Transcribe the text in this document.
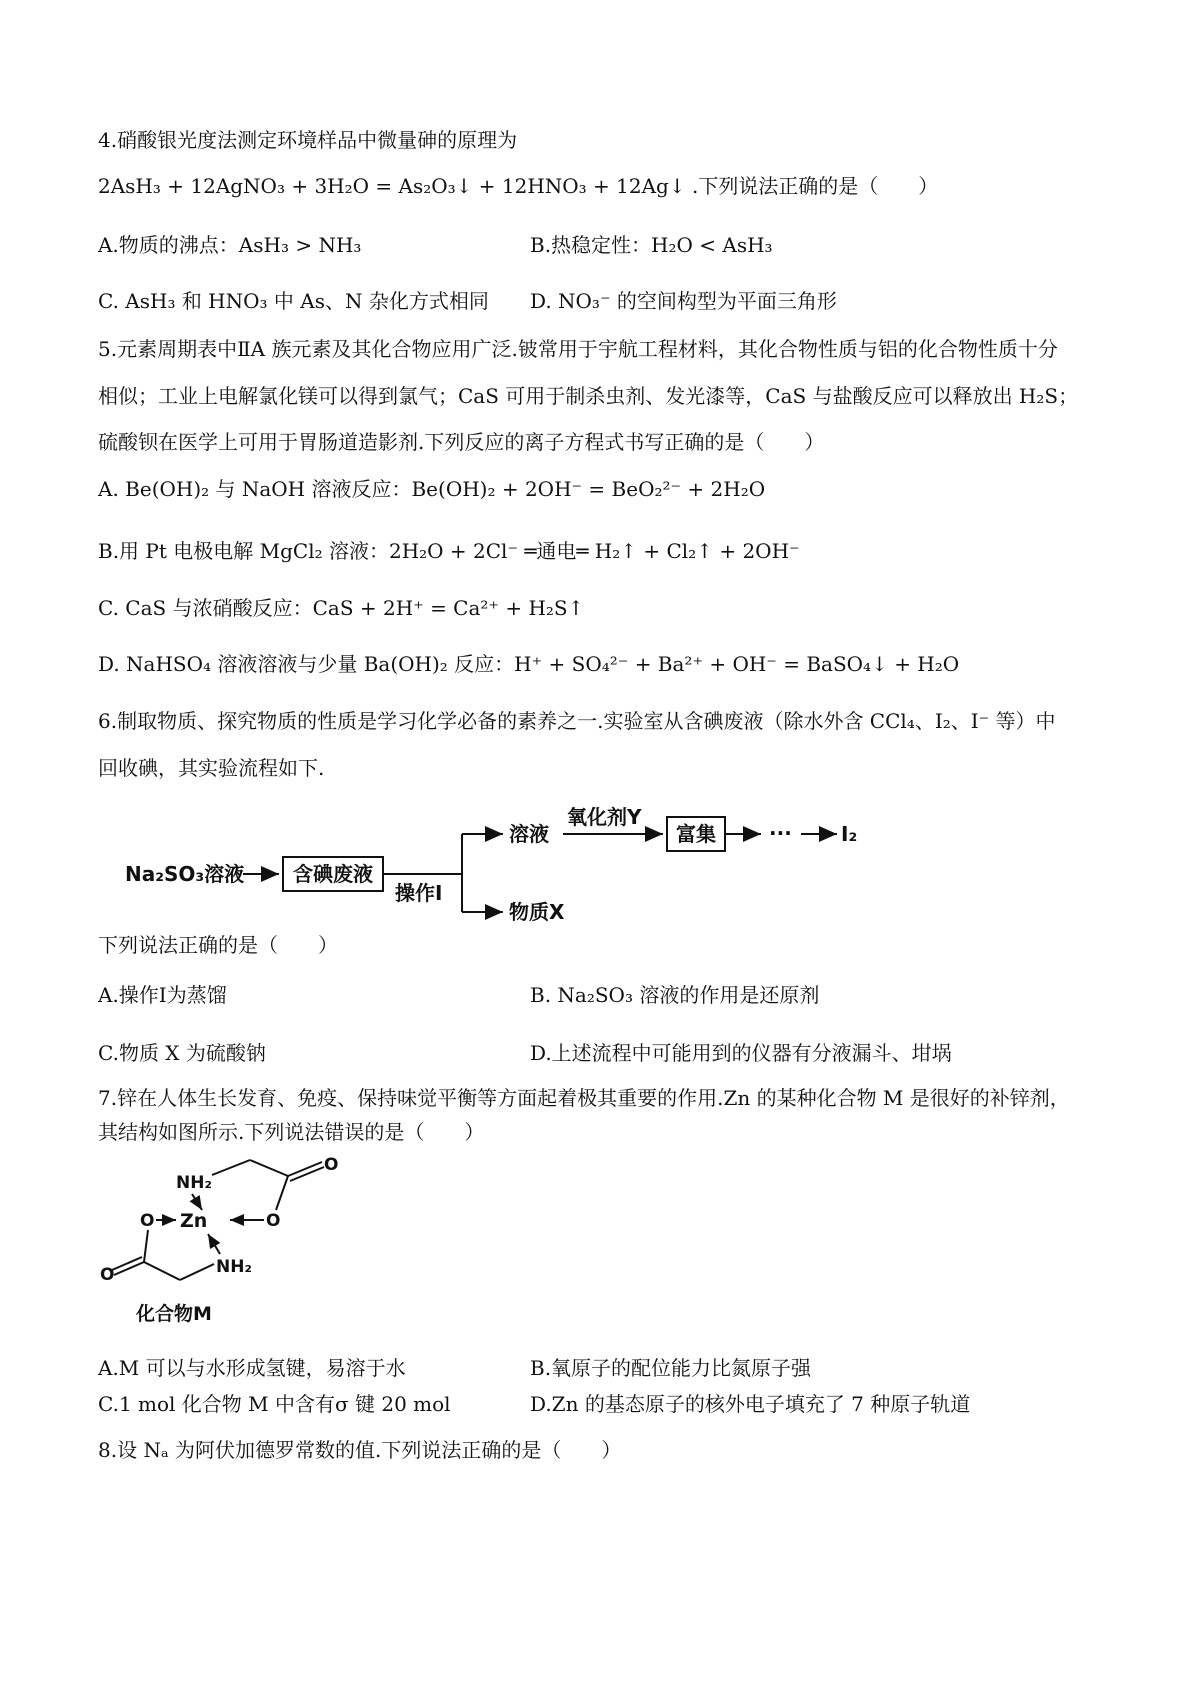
4.硝酸银光度法测定环境样品中微量砷的原理为
2AsH₃ + 12AgNO₃ + 3H₂O = As₂O₃↓ + 12HNO₃ + 12Ag↓ .下列说法正确的是（　　）
A.物质的沸点：AsH₃ > NH₃	B.热稳定性：H₂O < AsH₃
C. AsH₃ 和 HNO₃ 中 As、N 杂化方式相同 D. NO₃⁻ 的空间构型为平面三角形
5.元素周期表中ⅡA 族元素及其化合物应用广泛.铍常用于宇航工程材料，其化合物性质与铝的化合物性质十分
相似；工业上电解氯化镁可以得到氯气；CaS 可用于制杀虫剂、发光漆等，CaS 与盐酸反应可以释放出 H₂S；
硫酸钡在医学上可用于胃肠道造影剂.下列反应的离子方程式书写正确的是（　　）
A. Be(OH)₂ 与 NaOH 溶液反应：Be(OH)₂ + 2OH⁻ = BeO₂²⁻ + 2H₂O
B.用 Pt 电极电解 MgCl₂ 溶液：2H₂O + 2Cl⁻ ═通电═ H₂↑ + Cl₂↑ + 2OH⁻
C. CaS 与浓硝酸反应：CaS + 2H⁺ = Ca²⁺ + H₂S↑
D. NaHSO₄ 溶液溶液与少量 Ba(OH)₂ 反应：H⁺ + SO₄²⁻ + Ba²⁺ + OH⁻ = BaSO₄↓ + H₂O
6.制取物质、探究物质的性质是学习化学必备的素养之一.实验室从含碘废液（除水外含 CCl₄、I₂、I⁻ 等）中
回收碘，其实验流程如下.
Na₂SO₃溶液 含碘废液
操作Ⅰ
溶液
氧化剂Y
富集	··· I₂
物质X
下列说法正确的是（　　）
A.操作Ⅰ为蒸馏	B. Na₂SO₃ 溶液的作用是还原剂
C.物质 X 为硫酸钠	D.上述流程中可能用到的仪器有分液漏斗、坩埚
7.锌在人体生长发育、免疫、保持味觉平衡等方面起着极其重要的作用.Zn 的某种化合物 M 是很好的补锌剂，
其结构如图所示.下列说法错误的是（　　）
NH₂
O
O
O Zn
NH₂
O
化合物M
A.M 可以与水形成氢键，易溶于水	B.氧原子的配位能力比氮原子强
C.1 mol 化合物 M 中含有σ 键 20 mol	D.Zn 的基态原子的核外电子填充了 7 种原子轨道
8.设 Nₐ 为阿伏加德罗常数的值.下列说法正确的是（　　）
